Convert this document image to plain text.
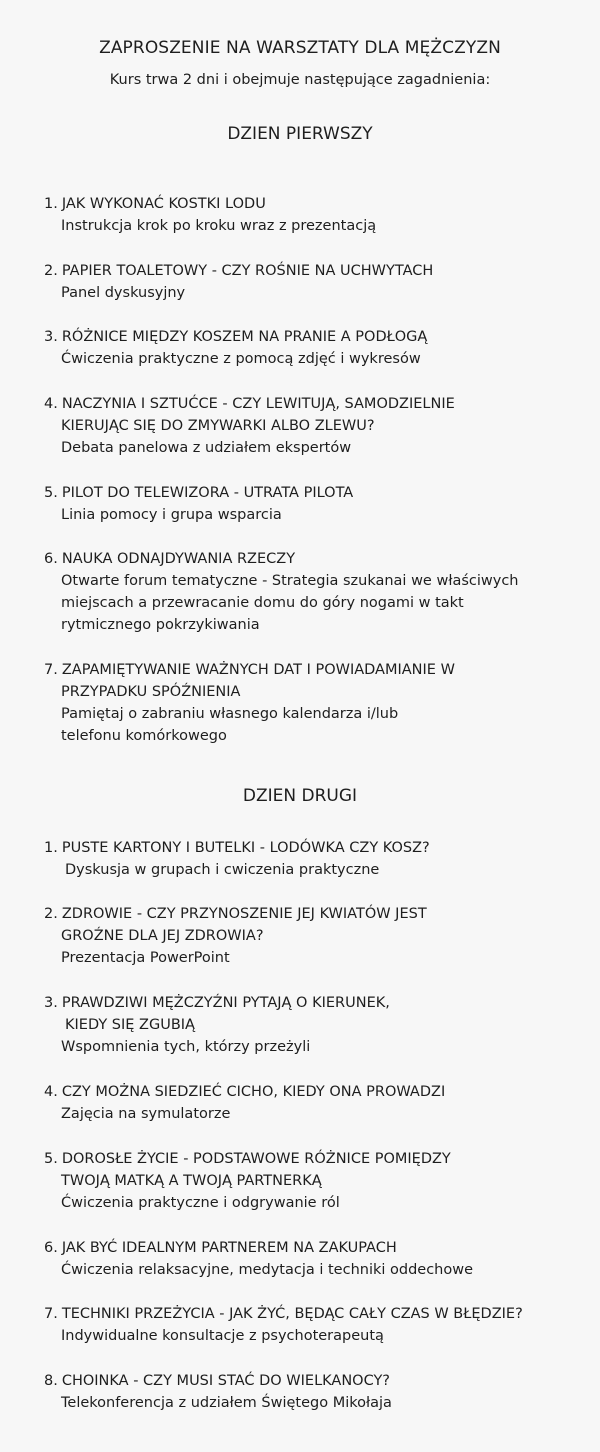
ZAPROSZENIE NA WARSZTATY DLA MĘŻCZYZN
Kurs trwa 2 dni i obejmuje następujące zagadnienia:
DZIEN PIERWSZY
1. JAK WYKONAĆ KOSTKI LODU
Instrukcja krok po kroku wraz z prezentacją
2. PAPIER TOALETOWY - CZY ROŚNIE NA UCHWYTACH
Panel dyskusyjny
3. RÓŻNICE MIĘDZY KOSZEM NA PRANIE A PODŁOGĄ
Ćwiczenia praktyczne z pomocą zdjęć i wykresów
4. NACZYNIA I SZTUĆCE - CZY LEWITUJĄ, SAMODZIELNIE
KIERUJĄC SIĘ DO ZMYWARKI ALBO ZLEWU?
Debata panelowa z udziałem ekspertów
5. PILOT DO TELEWIZORA - UTRATA PILOTA
Linia pomocy i grupa wsparcia
6. NAUKA ODNAJDYWANIA RZECZY
Otwarte forum tematyczne - Strategia szukanai we właściwych
miejscach a przewracanie domu do góry nogami w takt
rytmicznego pokrzykiwania
7. ZAPAMIĘTYWANIE WAŻNYCH DAT I POWIADAMIANIE W
PRZYPADKU SPÓŹNIENIA
Pamiętaj o zabraniu własnego kalendarza i/lub
telefonu komórkowego
DZIEN DRUGI
1. PUSTE KARTONY I BUTELKI - LODÓWKA CZY KOSZ?
Dyskusja w grupach i cwiczenia praktyczne
2. ZDROWIE - CZY PRZYNOSZENIE JEJ KWIATÓW JEST
GROŹNE DLA JEJ ZDROWIA?
Prezentacja PowerPoint
3. PRAWDZIWI MĘŻCZYŹNI PYTAJĄ O KIERUNEK,
KIEDY SIĘ ZGUBIĄ
Wspomnienia tych, którzy przeżyli
4. CZY MOŻNA SIEDZIEĆ CICHO, KIEDY ONA PROWADZI
Zajęcia na symulatorze
5. DOROSŁE ŻYCIE - PODSTAWOWE RÓŻNICE POMIĘDZY
TWOJĄ MATKĄ A TWOJĄ PARTNERKĄ
Ćwiczenia praktyczne i odgrywanie ról
6. JAK BYĆ IDEALNYM PARTNEREM NA ZAKUPACH
Ćwiczenia relaksacyjne, medytacja i techniki oddechowe
7. TECHNIKI PRZEŻYCIA - JAK ŻYĆ, BĘDĄC CAŁY CZAS W BŁĘDZIE?
Indywidualne konsultacje z psychoterapeutą
8. CHOINKA - CZY MUSI STAĆ DO WIELKANOCY?
Telekonferencja z udziałem Świętego Mikołaja
